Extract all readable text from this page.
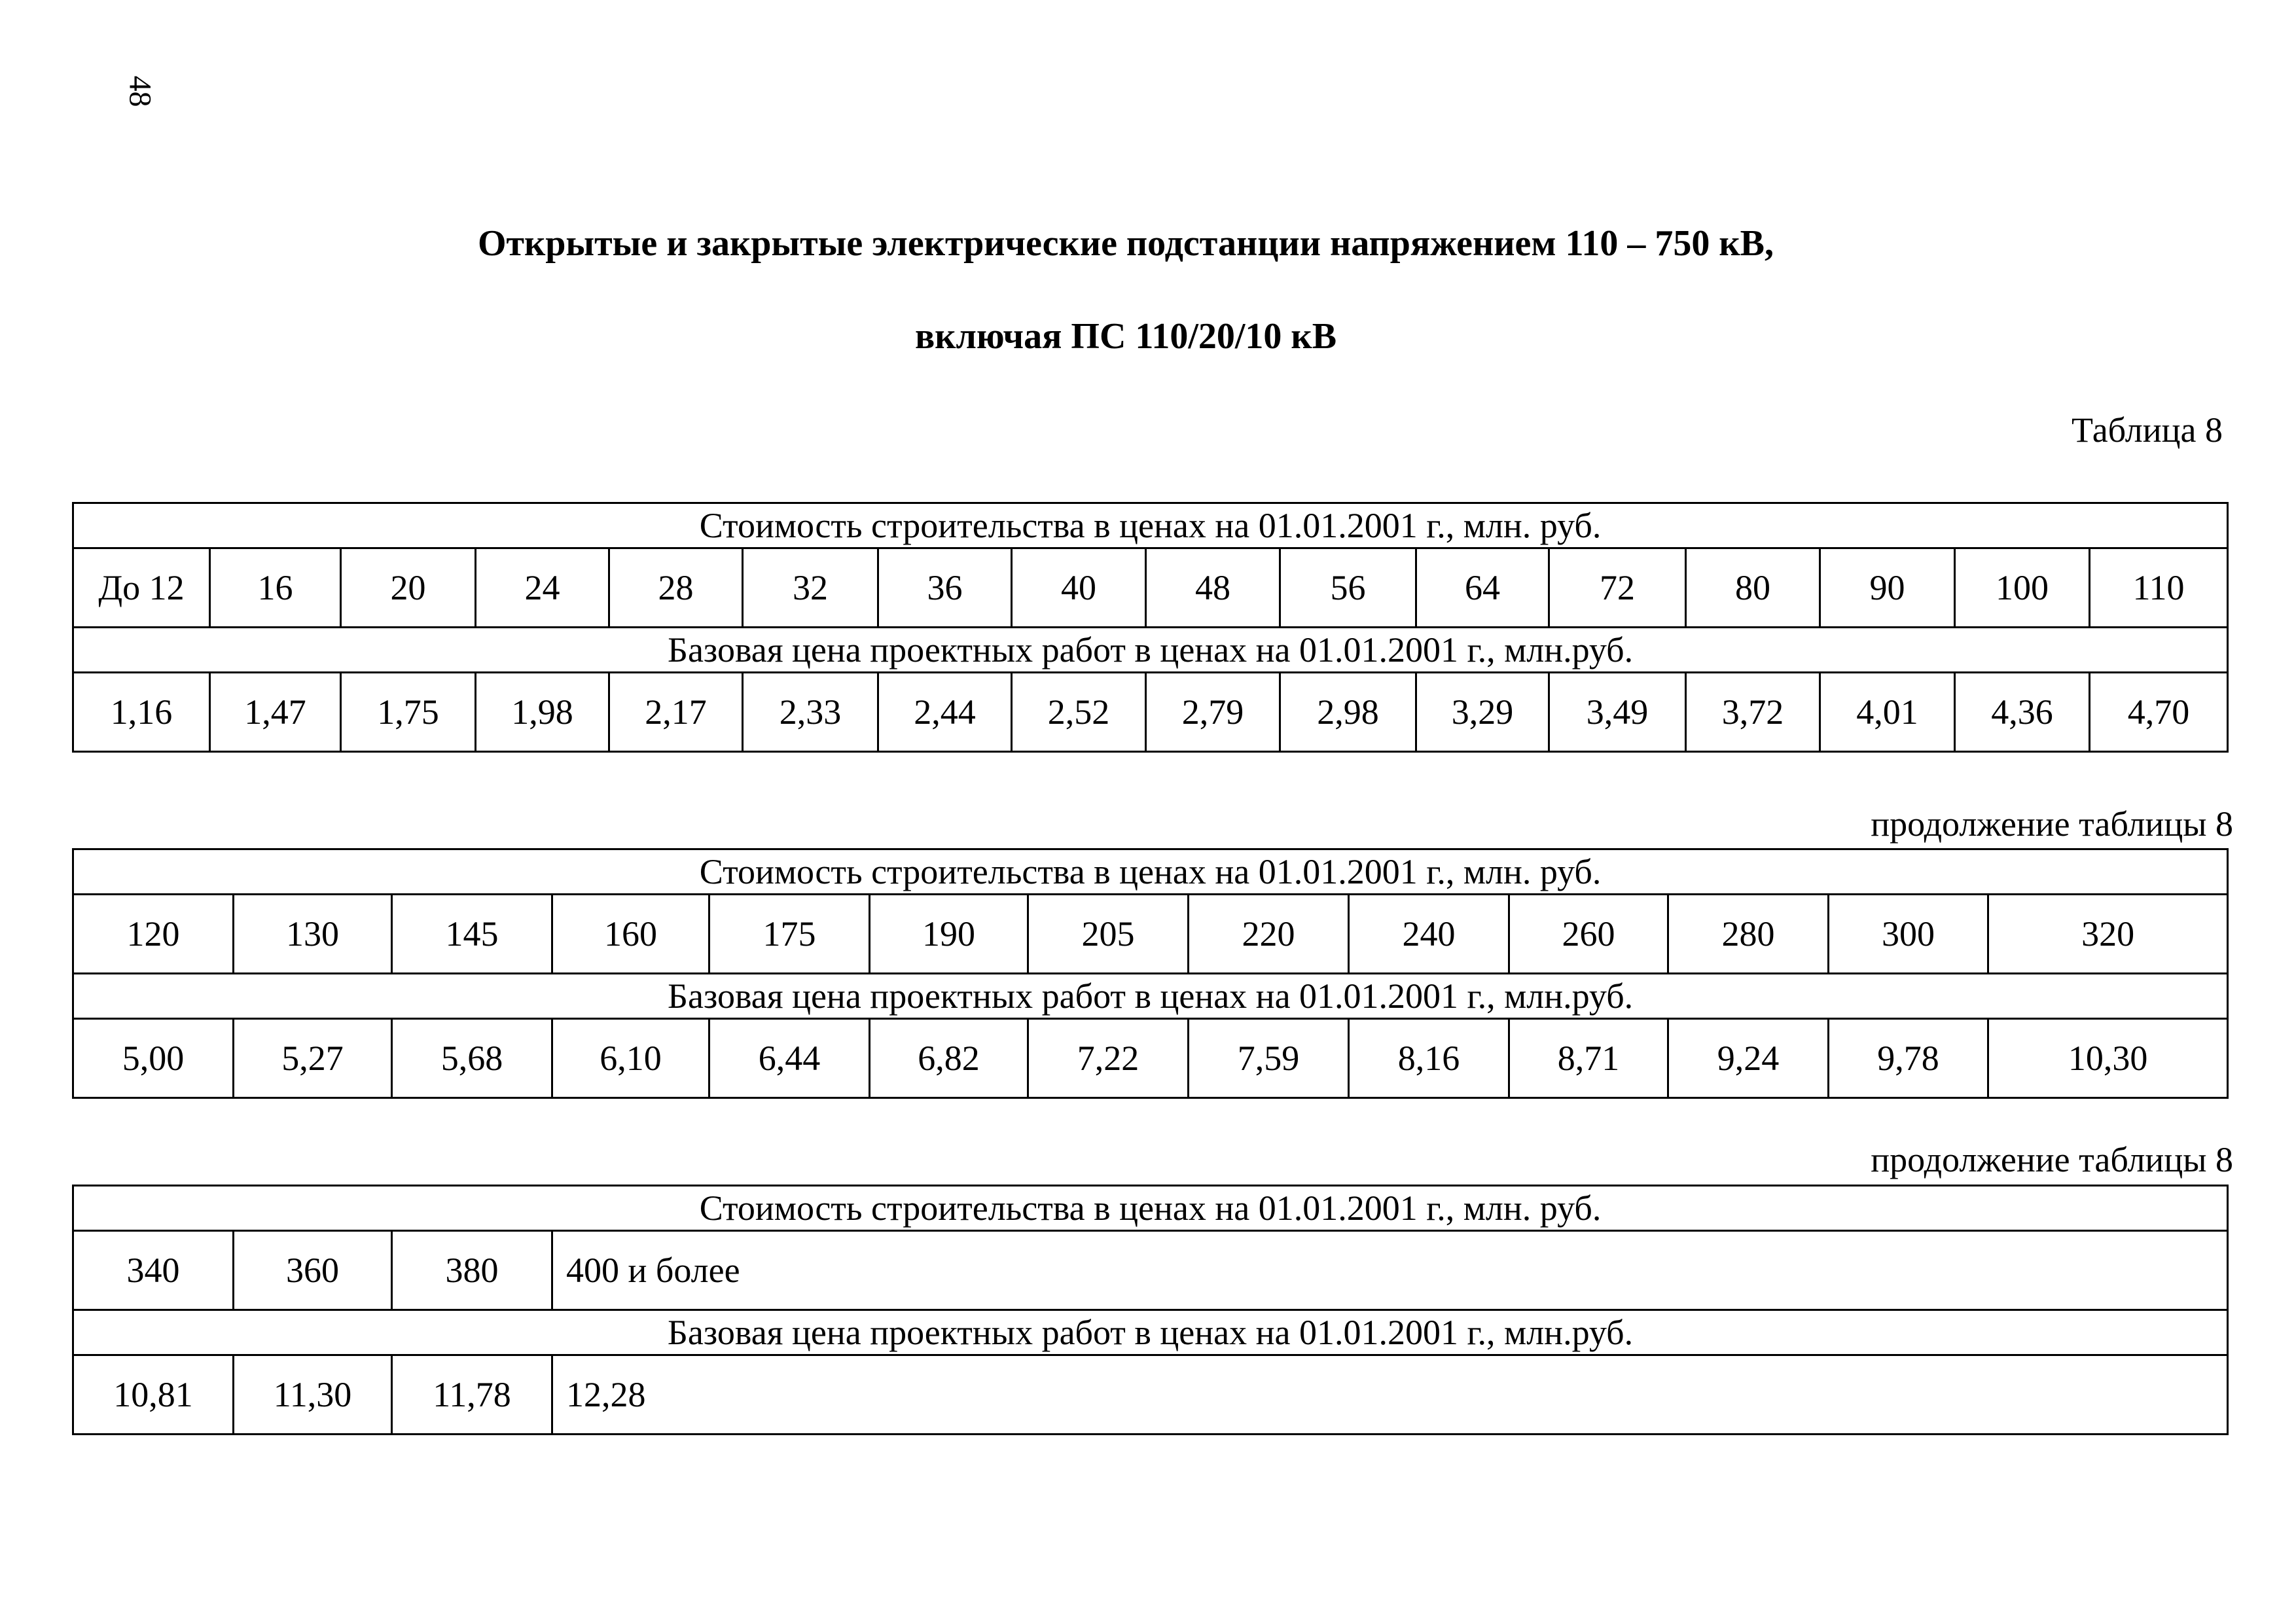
48
Открытые и закрытые электрические подстанции напряжением 110 – 750 кВ,
включая ПС 110/20/10 кВ
Таблица 8
Стоимость строительства в ценах на 01.01.2001 г., млн. руб.															
До 12	16	20	24	28	32	36	40	48	56	64	72	80	90	100	110
Базовая цена проектных работ в ценах на 01.01.2001 г., млн.руб.															
1,16	1,47	1,75	1,98	2,17	2,33	2,44	2,52	2,79	2,98	3,29	3,49	3,72	4,01	4,36	4,70
продолжение таблицы 8
Стоимость строительства в ценах на 01.01.2001 г., млн. руб.												
120	130	145	160	175	190	205	220	240	260	280	300	320
Базовая цена проектных работ в ценах на 01.01.2001 г., млн.руб.												
5,00	5,27	5,68	6,10	6,44	6,82	7,22	7,59	8,16	8,71	9,24	9,78	10,30
продолжение таблицы 8
Стоимость строительства в ценах на 01.01.2001 г., млн. руб.			
340	360	380	400 и более
Базовая цена проектных работ в ценах на 01.01.2001 г., млн.руб.			
10,81	11,30	11,78	12,28
